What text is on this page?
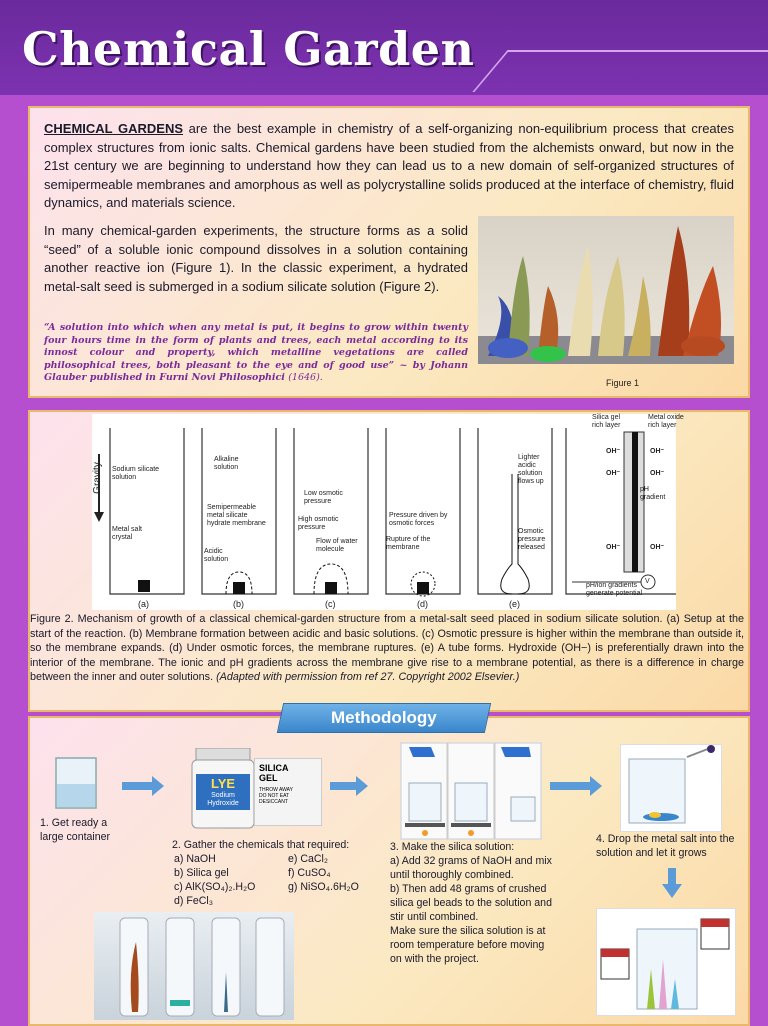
Chemical Garden
CHEMICAL GARDENS are the best example in chemistry of a self-organizing non-equilibrium process that creates complex structures from ionic salts. Chemical gardens have been studied from the alchemists onward, but now in the 21st century we are beginning to understand how they can lead us to a new domain of self-organized structures of semipermeable membranes and amorphous as well as polycrystalline solids produced at the interface of chemistry, fluid dynamics, and materials science.
In many chemical-garden experiments, the structure forms as a solid “seed” of a soluble ionic compound dissolves in a solution containing another reactive ion (Figure 1). In the classic experiment, a hydrated metal-salt seed is submerged in a sodium silicate solution (Figure 2).
“A solution into which when any metal is put, it begins to grow within twenty four hours time in the form of plants and trees, each metal according to its innost colour and property, which metalline vegetations are called philosophical trees, both pleasant to the eye and of good use” ~ by Johann Glauber published in Furni Novi Philosophici (1646).	Figure 1
Sodium silicate solution
Metal salt crystal
Alkaline solution
Semipermeable metal silicate hydrate membrane
Acidic solution
Low osmotic pressure
High osmotic pressure
Flow of water molecule
Pressure driven by osmotic forces
Rupture of the membrane
Lighter acidic solution flows up
Osmotic pressure released
Silica gel rich layer
Metal oxide rich layer
pH gradient
pH/ion gradients generate potential
OH⁻
OH⁻
OH⁻
OH⁻
OH⁻
OH⁻
V
Gravity
(a)	(b)	(c)	(d)	(e)
Figure 2. Mechanism of growth of a classical chemical-garden structure from a metal-salt seed placed in sodium silicate solution. (a) Setup at the start of the reaction. (b) Membrane formation between acidic and basic solutions. (c) Osmotic pressure is higher within the membrane than outside it, so the membrane expands. (d) Under osmotic forces, the membrane ruptures. (e) A tube forms. Hydroxide (OH−) is preferentially drawn into the interior of the membrane. The ionic and pH gradients across the membrane give rise to a membrane potential, as there is a difference in charge between the inner and outer solutions. (Adapted with permission from ref 27. Copyright 2002 Elsevier.)
1. Get ready a large container
LYE
Sodium Hydroxide
SILICA GEL
THROW AWAY DO NOT EAT
DESICCANT
2. Gather the chemicals that required:
a) NaOH
b) Silica gel
c) AlK(SO₄)₂.H₂O
d) FeCl₃
e) CaCl₂
f) CuSO₄
g) NiSO₄.6H₂O
3. Make the silica solution:
a) Add 32 grams of NaOH and mix until thoroughly combined.
b) Then add 48 grams of crushed silica gel beads to the solution and stir until combined.
Make sure the silica solution is at room temperature before moving on with the project.
4. Drop the metal salt into the solution and let it grows
Methodology
